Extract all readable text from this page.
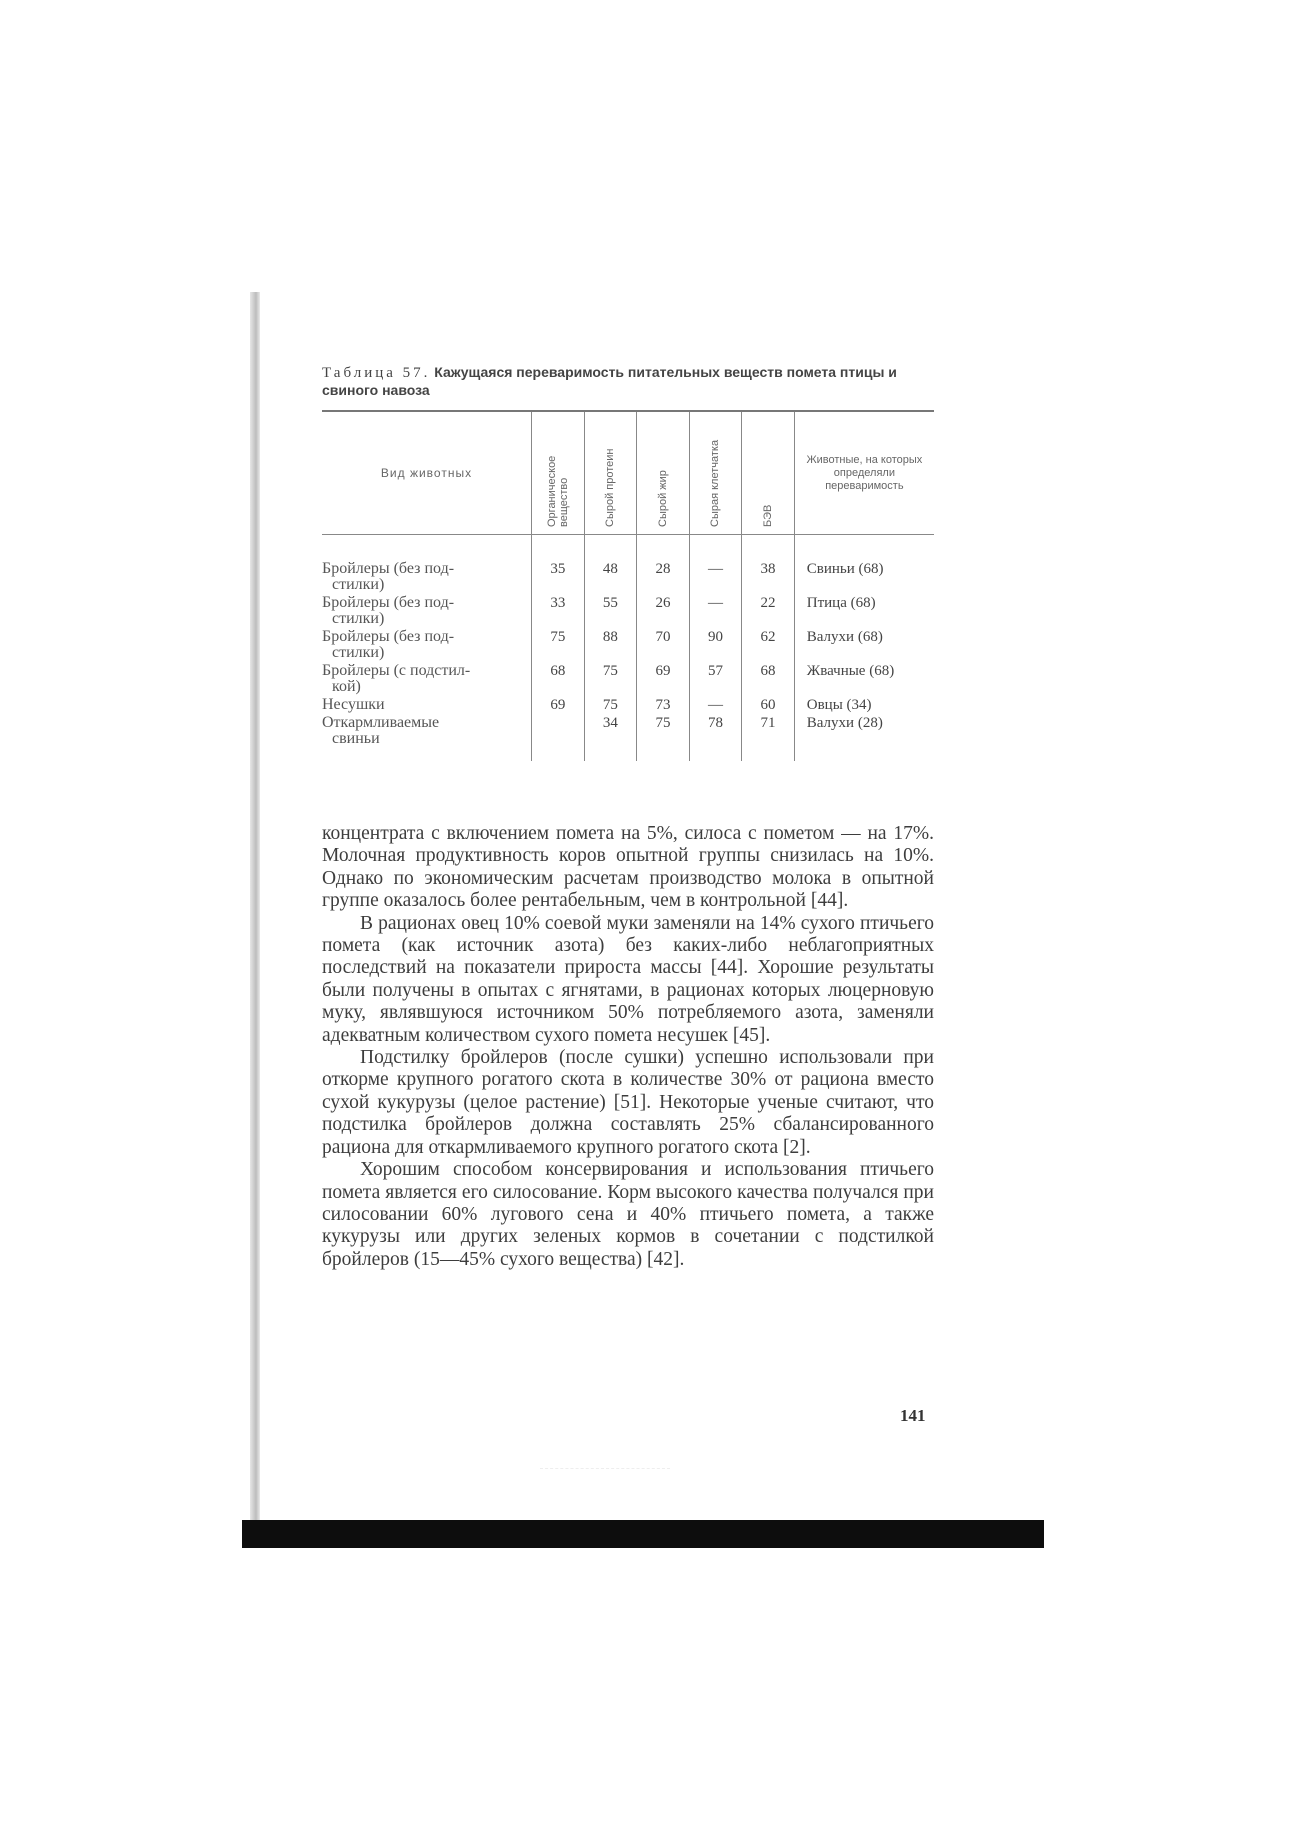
Таблица 57. Кажущаяся переваримость питательных веществ помета птицы и свиного навоза
Вид животных	Органическое вещество	Сырой протеин	Сырой жир	Сырая клетчатка	БЭВ	Животные, на которых определяли переваримость
Бройлеры (без под-
стилки)	35	48	28	—	38	Свиньи (68)
Бройлеры (без под-
стилки)	33	55	26	—	22	Птица (68)
Бройлеры (без под-
стилки)	75	88	70	90	62	Валухи (68)
Бройлеры (с подстил-
кой)	68	75	69	57	68	Жвачные (68)
Несушки	69	75	73	—	60	Овцы (34)
Откармливаемые
свиньи		34	75	78	71	Валухи (28)

концентрата с включением помета на 5%, силоса с пометом — на 17%. Молочная продуктивность коров опытной группы снизилась на 10%. Однако по экономическим расчетам производство молока в опытной группе оказалось более рентабельным, чем в контрольной [44].

В рационах овец 10% соевой муки заменяли на 14% сухого птичьего помета (как источник азота) без каких-либо неблагоприятных последствий на показатели прироста массы [44]. Хорошие результаты были получены в опытах с ягнятами, в рационах которых люцерновую муку, являвшуюся источником 50% потребляемого азота, заменяли адекватным количеством сухого помета несушек [45].

Подстилку бройлеров (после сушки) успешно использовали при откорме крупного рогатого скота в количестве 30% от рациона вместо сухой кукурузы (целое растение) [51]. Некоторые ученые считают, что подстилка бройлеров должна составлять 25% сбалансированного рациона для откармливаемого крупного рогатого скота [2].

Хорошим способом консервирования и использования птичьего помета является его силосование. Корм высокого качества получался при силосовании 60% лугового сена и 40% птичьего помета, а также кукурузы или других зеленых кормов в сочетании с подстилкой бройлеров (15—45% сухого вещества) [42].

141
